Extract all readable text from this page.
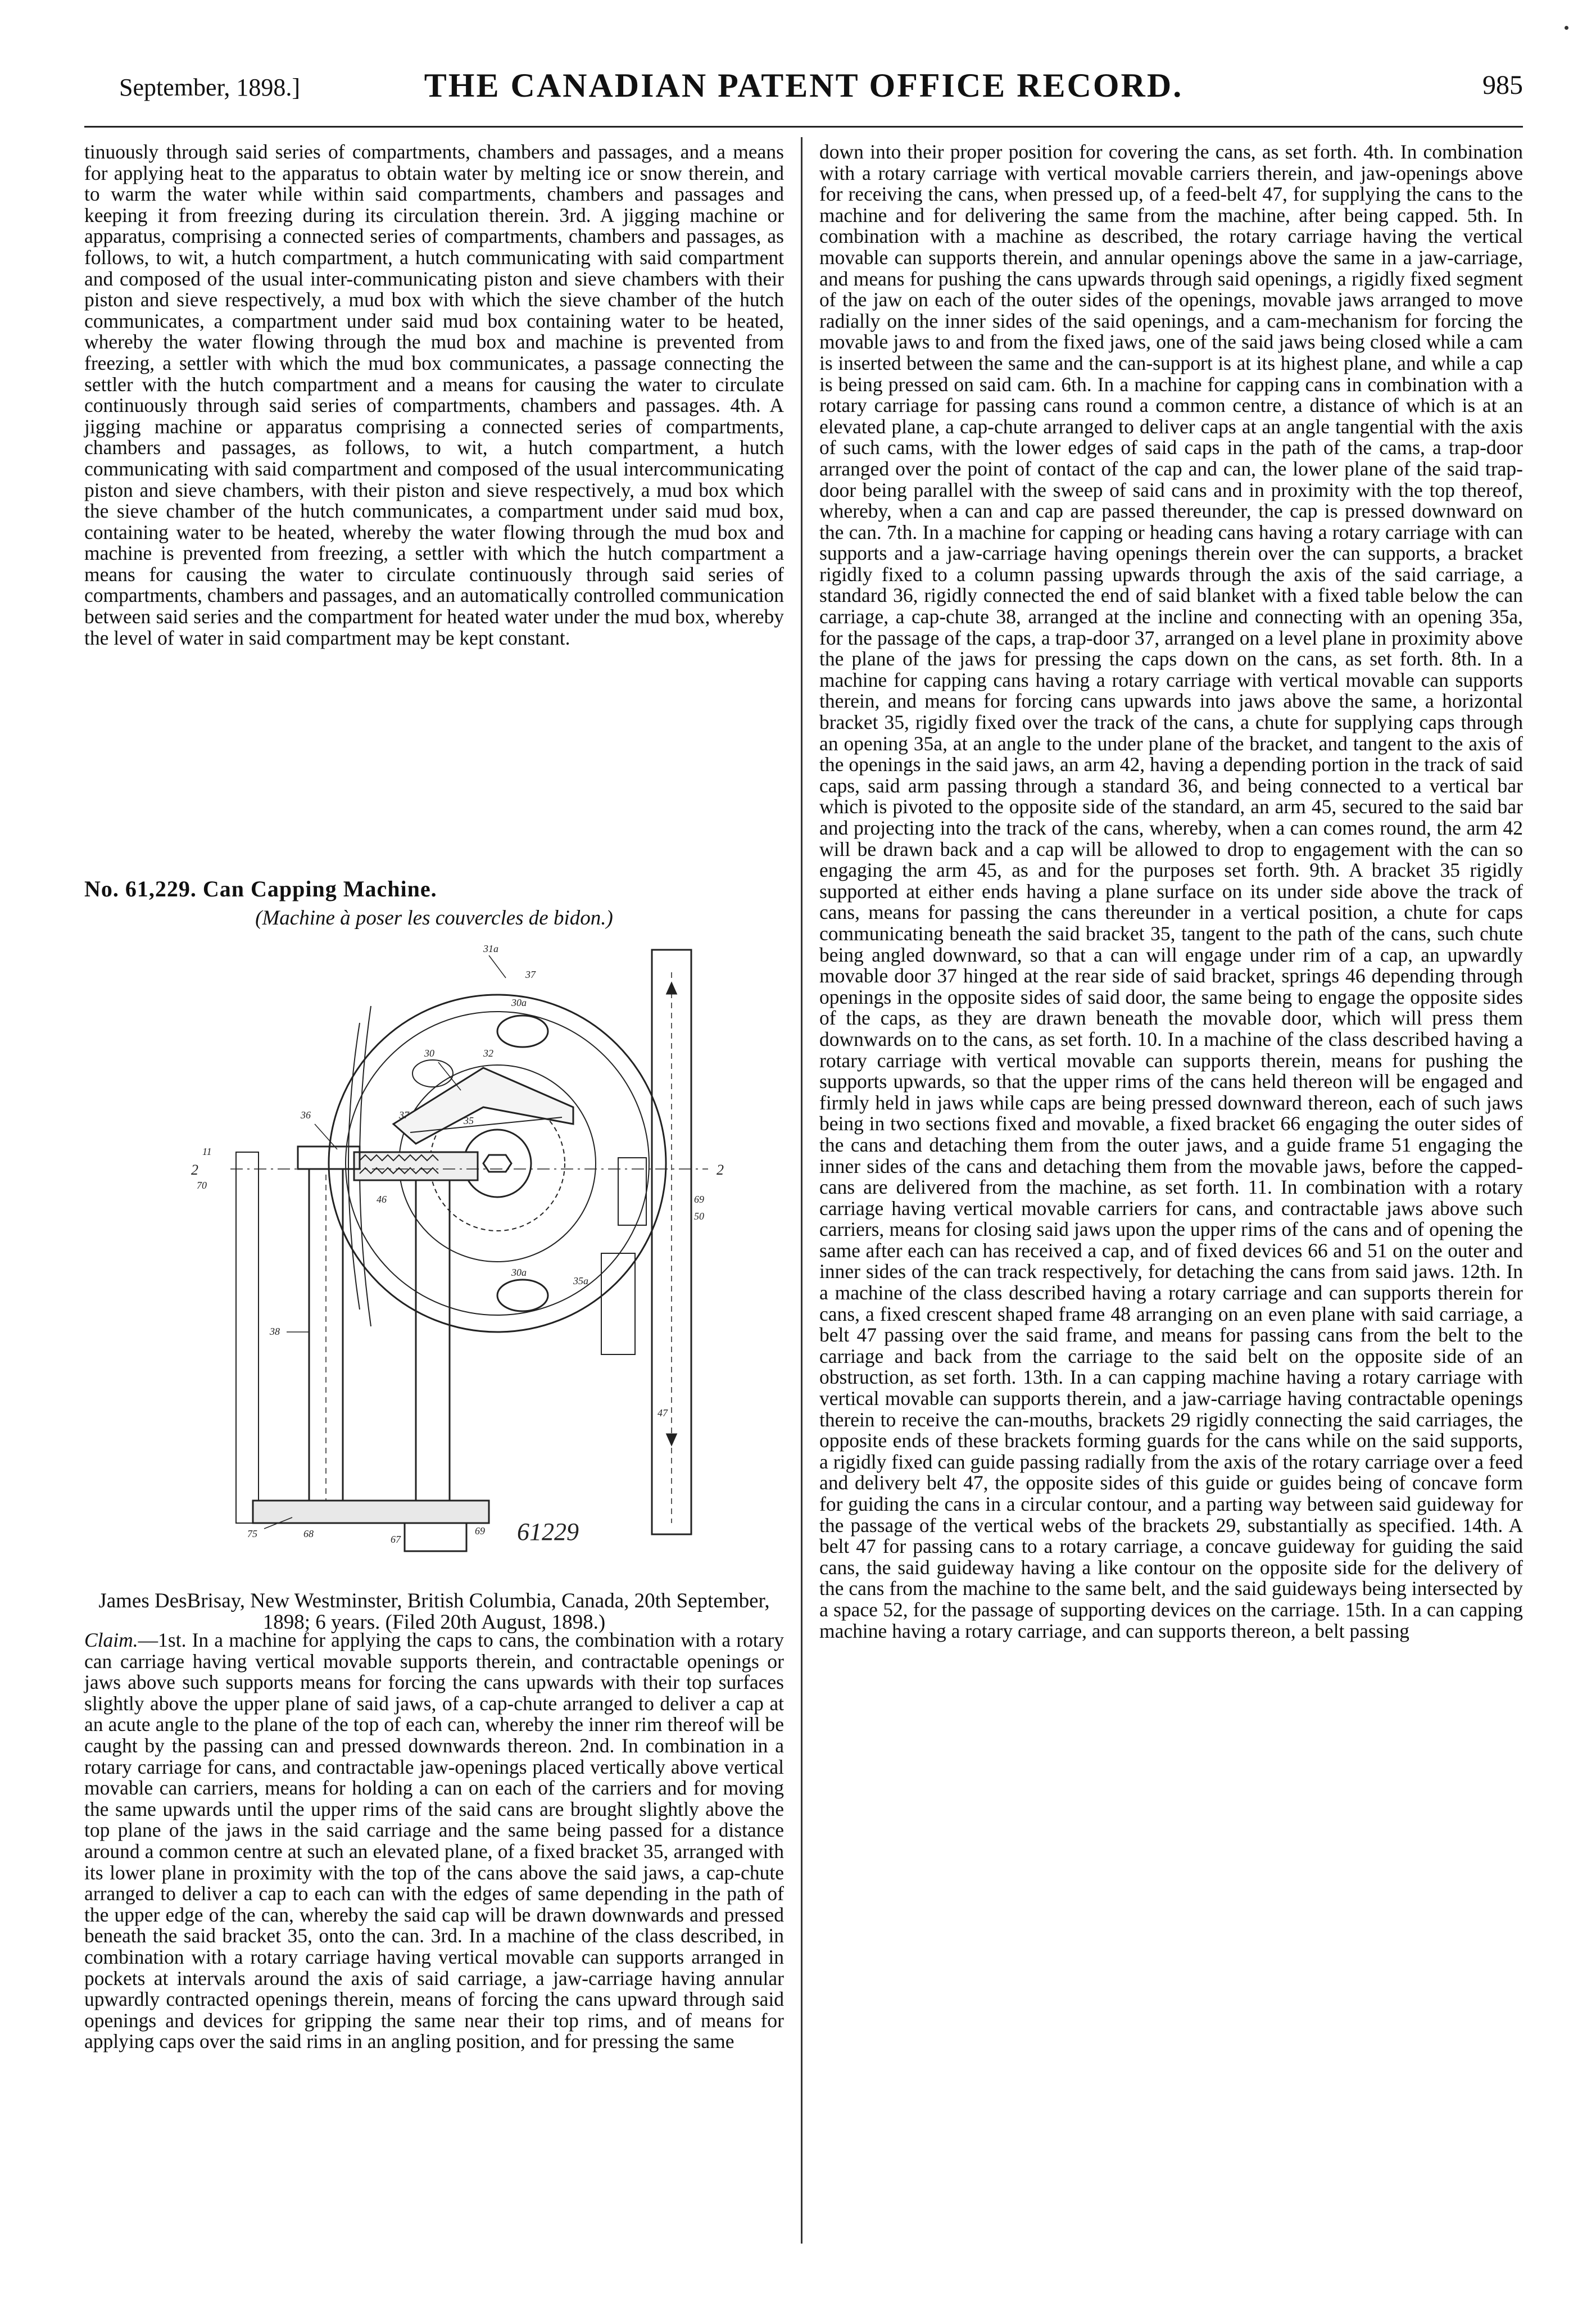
September, 1898.]	THE CANADIAN PATENT OFFICE RECORD.	985

tinuously through said series of compartments, chambers and passages, and a means for applying heat to the apparatus to obtain water by melting ice or snow therein, and to warm the water while within said compartments, chambers and passages and keeping it from freezing during its circulation therein. 3rd. A jigging machine or apparatus, comprising a connected series of compartments, chambers and passages, as follows, to wit, a hutch compartment, a hutch communicating with said compartment and composed of the usual inter-communicating piston and sieve chambers with their piston and sieve respectively, a mud box with which the sieve chamber of the hutch communicates, a compartment under said mud box containing water to be heated, whereby the water flowing through the mud box and machine is prevented from freezing, a settler with which the mud box communicates, a passage connecting the settler with the hutch compartment and a means for causing the water to circulate continuously through said series of compartments, chambers and passages. 4th. A jigging machine or apparatus comprising a connected series of compartments, chambers and passages, as follows, to wit, a hutch compartment, a hutch communicating with said compartment and composed of the usual intercommunicating piston and sieve chambers, with their piston and sieve respectively, a mud box which the sieve chamber of the hutch communicates, a compartment under said mud box, containing water to be heated, whereby the water flowing through the mud box and machine is prevented from freezing, a settler with which the hutch compartment a means for causing the water to circulate continuously through said series of compartments, chambers and passages, and an automatically controlled communication between said series and the compartment for heated water under the mud box, whereby the level of water in said compartment may be kept constant.

No. 61,229. Can Capping Machine.
(Machine à poser les couvercles de bidon.)
31a
37
30a
30	32
36	37	35
11
2
70
46
2
69
50
30a
35a
38
47
75	68	67
69 61229
James DesBrisay, New Westminster, British Columbia, Canada, 20th September, 1898; 6 years. (Filed 20th August, 1898.)

Claim.—1st. In a machine for applying the caps to cans, the combination with a rotary can carriage having vertical movable supports therein, and contractable openings or jaws above such supports means for forcing the cans upwards with their top surfaces slightly above the upper plane of said jaws, of a cap-chute arranged to deliver a cap at an acute angle to the plane of the top of each can, whereby the inner rim thereof will be caught by the passing can and pressed downwards thereon. 2nd. In combination in a rotary carriage for cans, and contractable jaw-openings placed vertically above vertical movable can carriers, means for holding a can on each of the carriers and for moving the same upwards until the upper rims of the said cans are brought slightly above the top plane of the jaws in the said carriage and the same being passed for a distance around a common centre at such an elevated plane, of a fixed bracket 35, arranged with its lower plane in proximity with the top of the cans above the said jaws, a cap-chute arranged to deliver a cap to each can with the edges of same depending in the path of the upper edge of the can, whereby the said cap will be drawn downwards and pressed beneath the said bracket 35, onto the can. 3rd. In a machine of the class described, in combination with a rotary carriage having vertical movable can supports arranged in pockets at intervals around the axis of said carriage, a jaw-carriage having annular upwardly contracted openings therein, means of forcing the cans upward through said openings and devices for gripping the same near their top rims, and of means for applying caps over the said rims in an angling position, and for pressing the same

down into their proper position for covering the cans, as set forth. 4th. In combination with a rotary carriage with vertical movable carriers therein, and jaw-openings above for receiving the cans, when pressed up, of a feed-belt 47, for supplying the cans to the machine and for delivering the same from the machine, after being capped. 5th. In combination with a machine as described, the rotary carriage having the vertical movable can supports therein, and annular openings above the same in a jaw-carriage, and means for pushing the cans upwards through said openings, a rigidly fixed segment of the jaw on each of the outer sides of the openings, movable jaws arranged to move radially on the inner sides of the said openings, and a cam-mechanism for forcing the movable jaws to and from the fixed jaws, one of the said jaws being closed while a cam is inserted between the same and the can-support is at its highest plane, and while a cap is being pressed on said cam. 6th. In a machine for capping cans in combination with a rotary carriage for passing cans round a common centre, a distance of which is at an elevated plane, a cap-chute arranged to deliver caps at an angle tangential with the axis of such cams, with the lower edges of said caps in the path of the cams, a trap-door arranged over the point of contact of the cap and can, the lower plane of the said trap-door being parallel with the sweep of said cans and in proximity with the top thereof, whereby, when a can and cap are passed thereunder, the cap is pressed downward on the can. 7th. In a machine for capping or heading cans having a rotary carriage with can supports and a jaw-carriage having openings therein over the can supports, a bracket rigidly fixed to a column passing upwards through the axis of the said carriage, a standard 36, rigidly connected the end of said blanket with a fixed table below the can carriage, a cap-chute 38, arranged at the incline and connecting with an opening 35a, for the passage of the caps, a trap-door 37, arranged on a level plane in proximity above the plane of the jaws for pressing the caps down on the cans, as set forth. 8th. In a machine for capping cans having a rotary carriage with vertical movable can supports therein, and means for forcing cans upwards into jaws above the same, a horizontal bracket 35, rigidly fixed over the track of the cans, a chute for supplying caps through an opening 35a, at an angle to the under plane of the bracket, and tangent to the axis of the openings in the said jaws, an arm 42, having a depending portion in the track of said caps, said arm passing through a standard 36, and being connected to a vertical bar which is pivoted to the opposite side of the standard, an arm 45, secured to the said bar and projecting into the track of the cans, whereby, when a can comes round, the arm 42 will be drawn back and a cap will be allowed to drop to engagement with the can so engaging the arm 45, as and for the purposes set forth. 9th. A bracket 35 rigidly supported at either ends having a plane surface on its under side above the track of cans, means for passing the cans thereunder in a vertical position, a chute for caps communicating beneath the said bracket 35, tangent to the path of the cans, such chute being angled downward, so that a can will engage under rim of a cap, an upwardly movable door 37 hinged at the rear side of said bracket, springs 46 depending through openings in the opposite sides of said door, the same being to engage the opposite sides of the caps, as they are drawn beneath the movable door, which will press them downwards on to the cans, as set forth. 10. In a machine of the class described having a rotary carriage with vertical movable can supports therein, means for pushing the supports upwards, so that the upper rims of the cans held thereon will be engaged and firmly held in jaws while caps are being pressed downward thereon, each of such jaws being in two sections fixed and movable, a fixed bracket 66 engaging the outer sides of the cans and detaching them from the outer jaws, and a guide frame 51 engaging the inner sides of the cans and detaching them from the movable jaws, before the capped-cans are delivered from the machine, as set forth. 11. In combination with a rotary carriage having vertical movable carriers for cans, and contractable jaws above such carriers, means for closing said jaws upon the upper rims of the cans and of opening the same after each can has received a cap, and of fixed devices 66 and 51 on the outer and inner sides of the can track respectively, for detaching the cans from said jaws. 12th. In a machine of the class described having a rotary carriage and can supports therein for cans, a fixed crescent shaped frame 48 arranging on an even plane with said carriage, a belt 47 passing over the said frame, and means for passing cans from the belt to the carriage and back from the carriage to the said belt on the opposite side of an obstruction, as set forth. 13th. In a can capping machine having a rotary carriage with vertical movable can supports therein, and a jaw-carriage having contractable openings therein to receive the can-mouths, brackets 29 rigidly connecting the said carriages, the opposite ends of these brackets forming guards for the cans while on the said supports, a rigidly fixed can guide passing radially from the axis of the rotary carriage over a feed and delivery belt 47, the opposite sides of this guide or guides being of concave form for guiding the cans in a circular contour, and a parting way between said guideway for the passage of the vertical webs of the brackets 29, substantially as specified. 14th. A belt 47 for passing cans to a rotary carriage, a concave guideway for guiding the said cans, the said guideway having a like contour on the opposite side for the delivery of the cans from the machine to the same belt, and the said guideways being intersected by a space 52, for the passage of supporting devices on the carriage. 15th. In a can capping machine having a rotary carriage, and can supports thereon, a belt passing
